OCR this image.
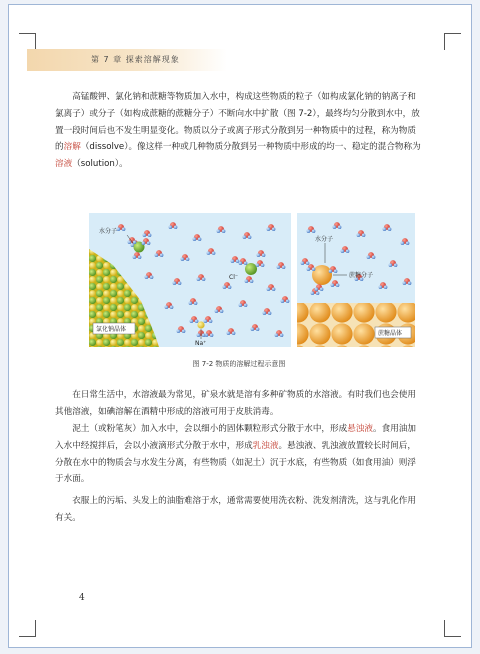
第 7 章 探索溶解现象

高锰酸钾、氯化钠和蔗糖等物质加入水中，构成这些物质的粒子（如构成氯化钠的钠离子和氯离子）或分子（如构成蔗糖的蔗糖分子）不断向水中扩散（图 7-2），最终均匀分散到水中，放置一段时间后也不发生明显变化。物质以分子或离子形式分散到另一种物质中的过程，称为物质的溶解（dissolve）。像这样一种或几种物质分散到另一种物质中形成的均一、稳定的混合物称为溶液（solution）。

水分子
Cl⁻
Na⁺
氯化钠晶体
水分子
蔗糖分子
蔗糖晶体
图 7-2 物质的溶解过程示意图

在日常生活中，水溶液最为常见，矿泉水就是溶有多种矿物质的水溶液。有时我们也会使用其他溶液，如碘溶解在酒精中形成的溶液可用于皮肤消毒。

泥土（或粉笔灰）加入水中，会以细小的固体颗粒形式分散于水中，形成悬浊液。食用油加入水中经搅拌后，会以小液滴形式分散于水中，形成乳浊液。悬浊液、乳浊液放置较长时间后，分散在水中的物质会与水发生分离，有些物质（如泥土）沉于水底，有些物质（如食用油）则浮于水面。

衣服上的污垢、头发上的油脂难溶于水，通常需要使用洗衣粉、洗发剂清洗，这与乳化作用有关。

4
